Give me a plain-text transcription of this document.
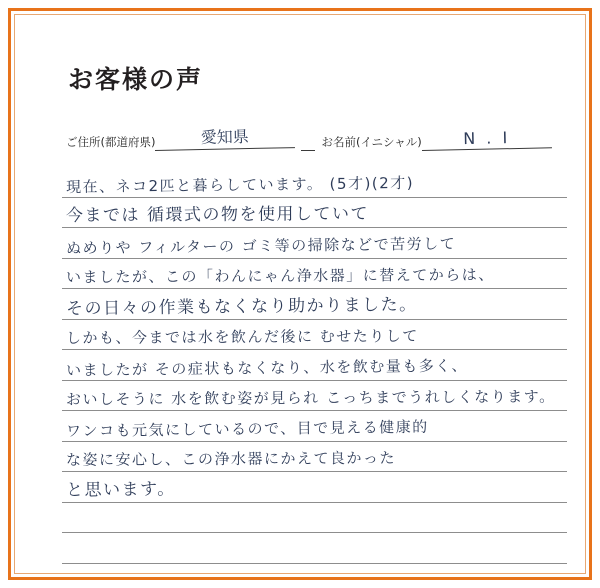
お客様の声
ご住所(都道府県)	愛知県	お名前(イニシャル)	N . I
現在、ネコ2匹と暮らしています。 (5才)(2才)
今までは 循環式の物を使用していて
ぬめりや フィルターの ゴミ等の掃除などで苦労して
いましたが、この「わんにゃん浄水器」に替えてからは、
その日々の作業もなくなり助かりました。
しかも、今までは水を飲んだ後に むせたりして
いましたが その症状もなくなり、水を飲む量も多く、
おいしそうに 水を飲む姿が見られ こっちまでうれしくなります。
ワンコも元気にしているので、目で見える健康的
な姿に安心し、この浄水器にかえて良かった
と思います。
